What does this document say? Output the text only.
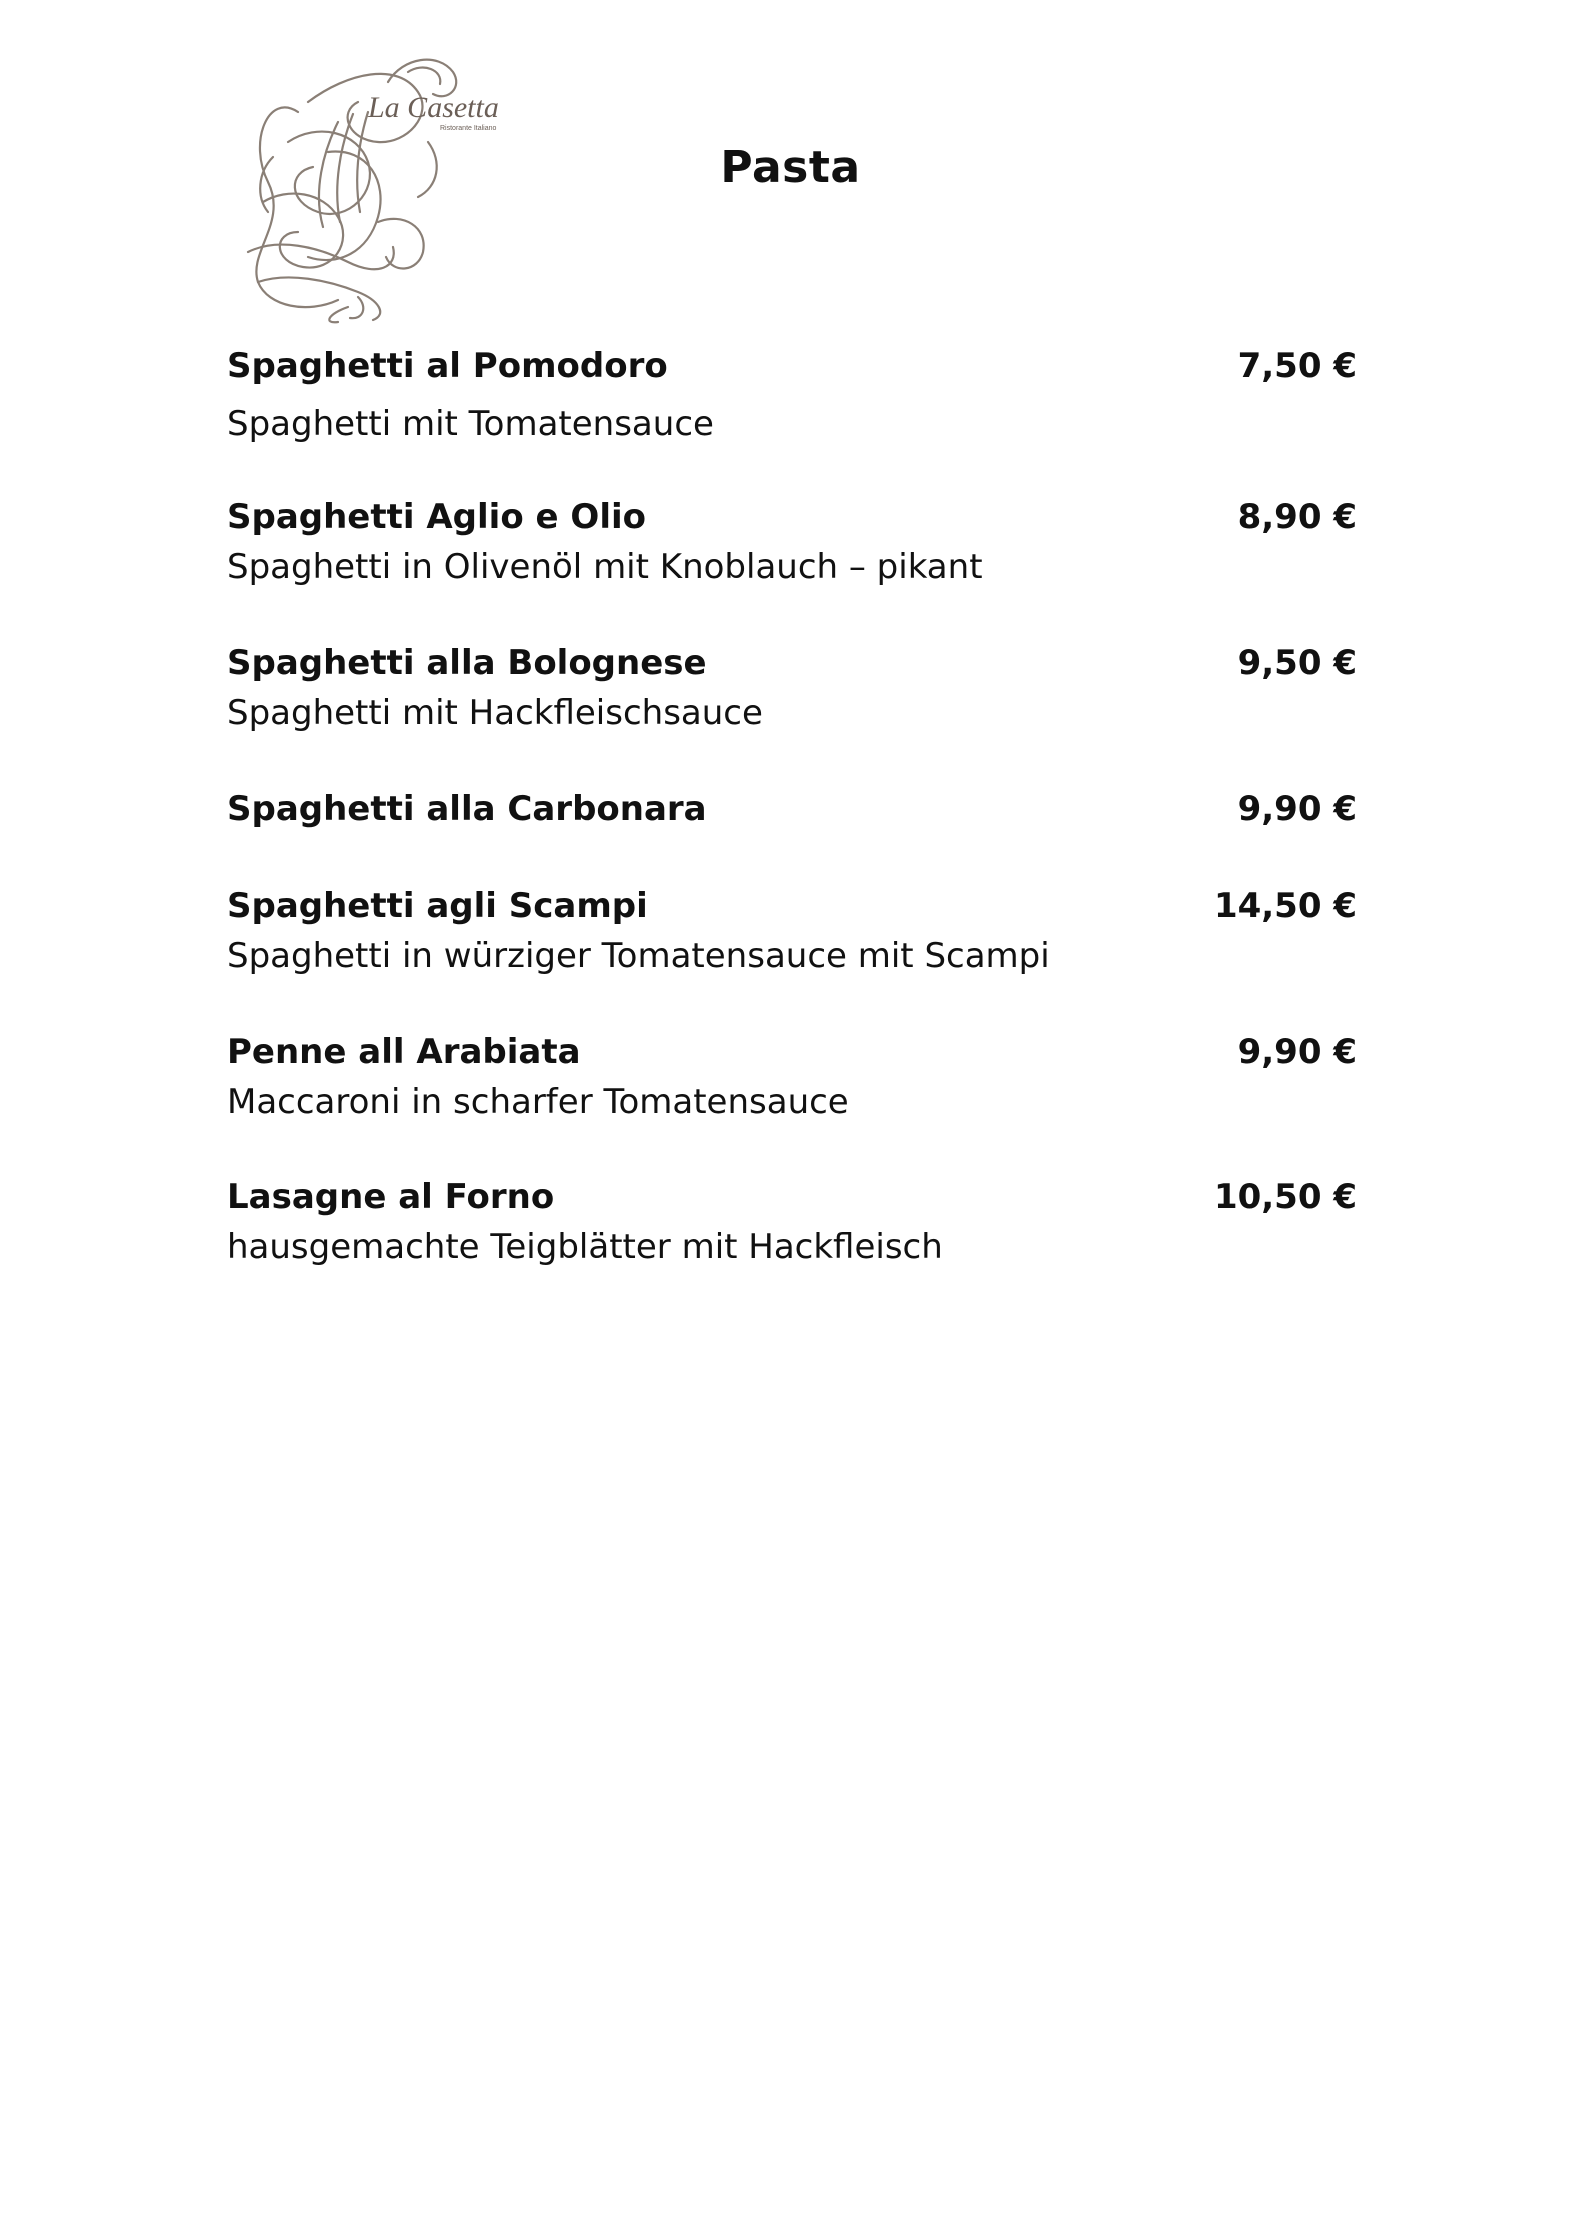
La Casetta
Ristorante Italiano
Pasta
Spaghetti al Pomodoro	7,50 €
Spaghetti mit Tomatensauce
Spaghetti Aglio e Olio	8,90 €
Spaghetti in Olivenöl mit Knoblauch – pikant
Spaghetti alla Bolognese	9,50 €
Spaghetti mit Hackfleischsauce
Spaghetti alla Carbonara	9,90 €
Spaghetti agli Scampi	14,50 €
Spaghetti in würziger Tomatensauce mit Scampi
Penne all Arabiata	9,90 €
Maccaroni in scharfer Tomatensauce
Lasagne al Forno	10,50 €
hausgemachte Teigblätter mit Hackfleisch
